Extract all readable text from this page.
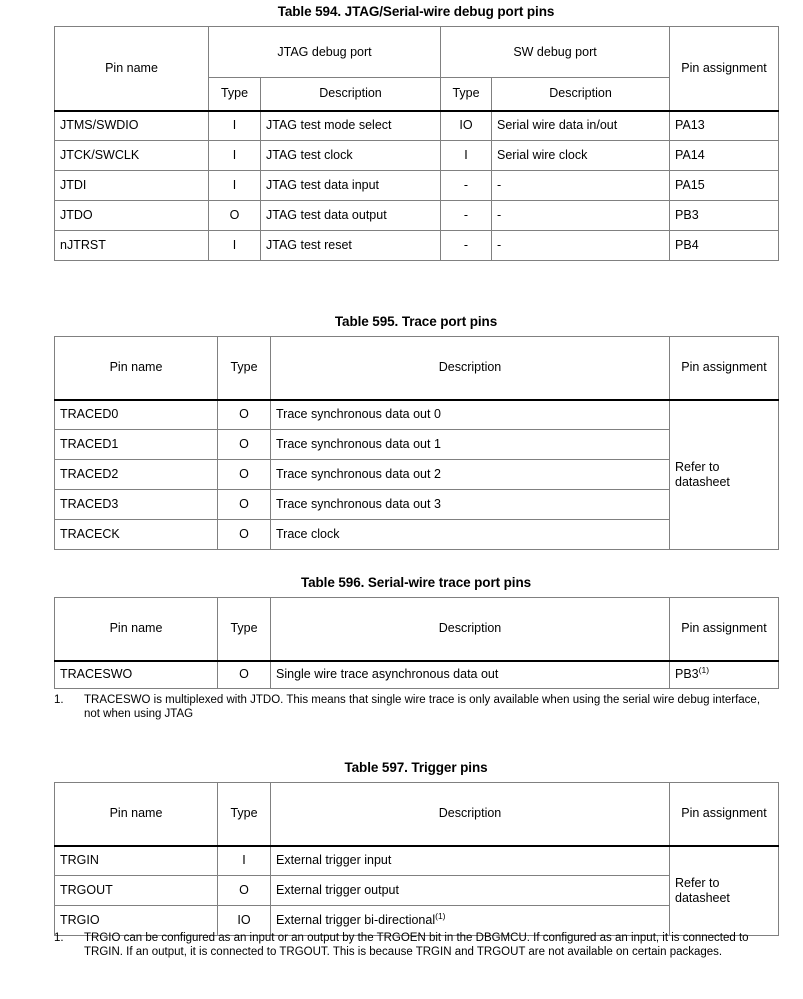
Table 594. JTAG/Serial-wire debug port pins
Pin name	JTAG debug port		SW debug port		Pin assignment
	Type	Description	Type	Description	
JTMS/SWDIO	I	JTAG test mode select	IO	Serial wire data in/out	PA13
JTCK/SWCLK	I	JTAG test clock	I	Serial wire clock	PA14
JTDI	I	JTAG test data input	-	-	PA15
JTDO	O	JTAG test data output	-	-	PB3
nJTRST	I	JTAG test reset	-	-	PB4
Table 595. Trace port pins
Pin name	Type	Description	Pin assignment
TRACED0	O	Trace synchronous data out 0	Refer to datasheet
TRACED1	O	Trace synchronous data out 1	
TRACED2	O	Trace synchronous data out 2	
TRACED3	O	Trace synchronous data out 3	
TRACECK	O	Trace clock	
Table 596. Serial-wire trace port pins
Pin name	Type	Description	Pin assignment
TRACESWO	O	Single wire trace asynchronous data out	PB3$^{(1)}$
1.	TRACESWO is multiplexed with JTDO. This means that single wire trace is only available when using the serial wire debug interface, not when using JTAG
Table 597. Trigger pins
Pin name	Type	Description	Pin assignment
TRGIN	I	External trigger input	Refer to datasheet
TRGOUT	O	External trigger output	
TRGIO	IO	External trigger bi-directional$^{(1)}$
1.	TRGIO can be configured as an input or an output by the TRGOEN bit in the DBGMCU. If configured as an input, it is connected to TRGIN. If an output, it is connected to TRGOUT. This is because TRGIN and TRGOUT are not available on certain packages.
